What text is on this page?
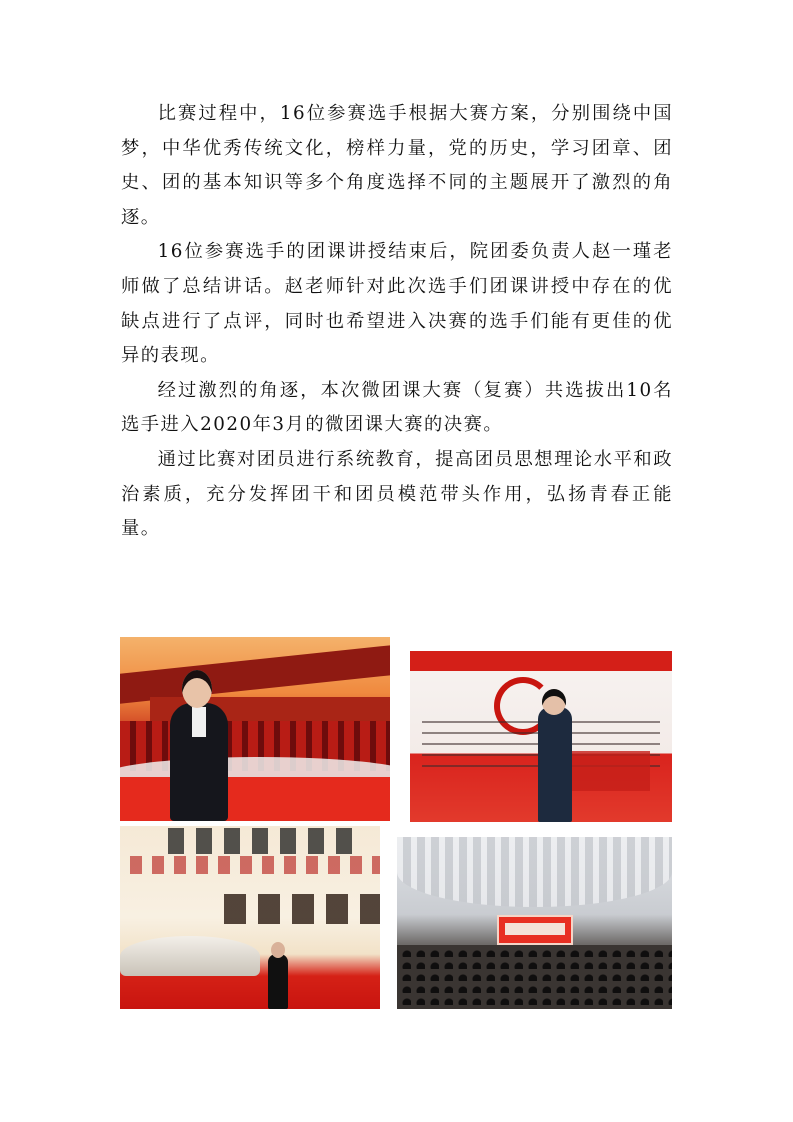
比赛过程中，16位参赛选手根据大赛方案，分别围绕中国梦，中华优秀传统文化，榜样力量，党的历史，学习团章、团史、团的基本知识等多个角度选择不同的主题展开了激烈的角逐。

16位参赛选手的团课讲授结束后，院团委负责人赵一瑾老师做了总结讲话。赵老师针对此次选手们团课讲授中存在的优缺点进行了点评，同时也希望进入决赛的选手们能有更佳的优异的表现。

经过激烈的角逐，本次微团课大赛（复赛）共选拔出10名选手进入2020年3月的微团课大赛的决赛。

通过比赛对团员进行系统教育，提高团员思想理论水平和政治素质，充分发挥团干和团员模范带头作用，弘扬青春正能量。
